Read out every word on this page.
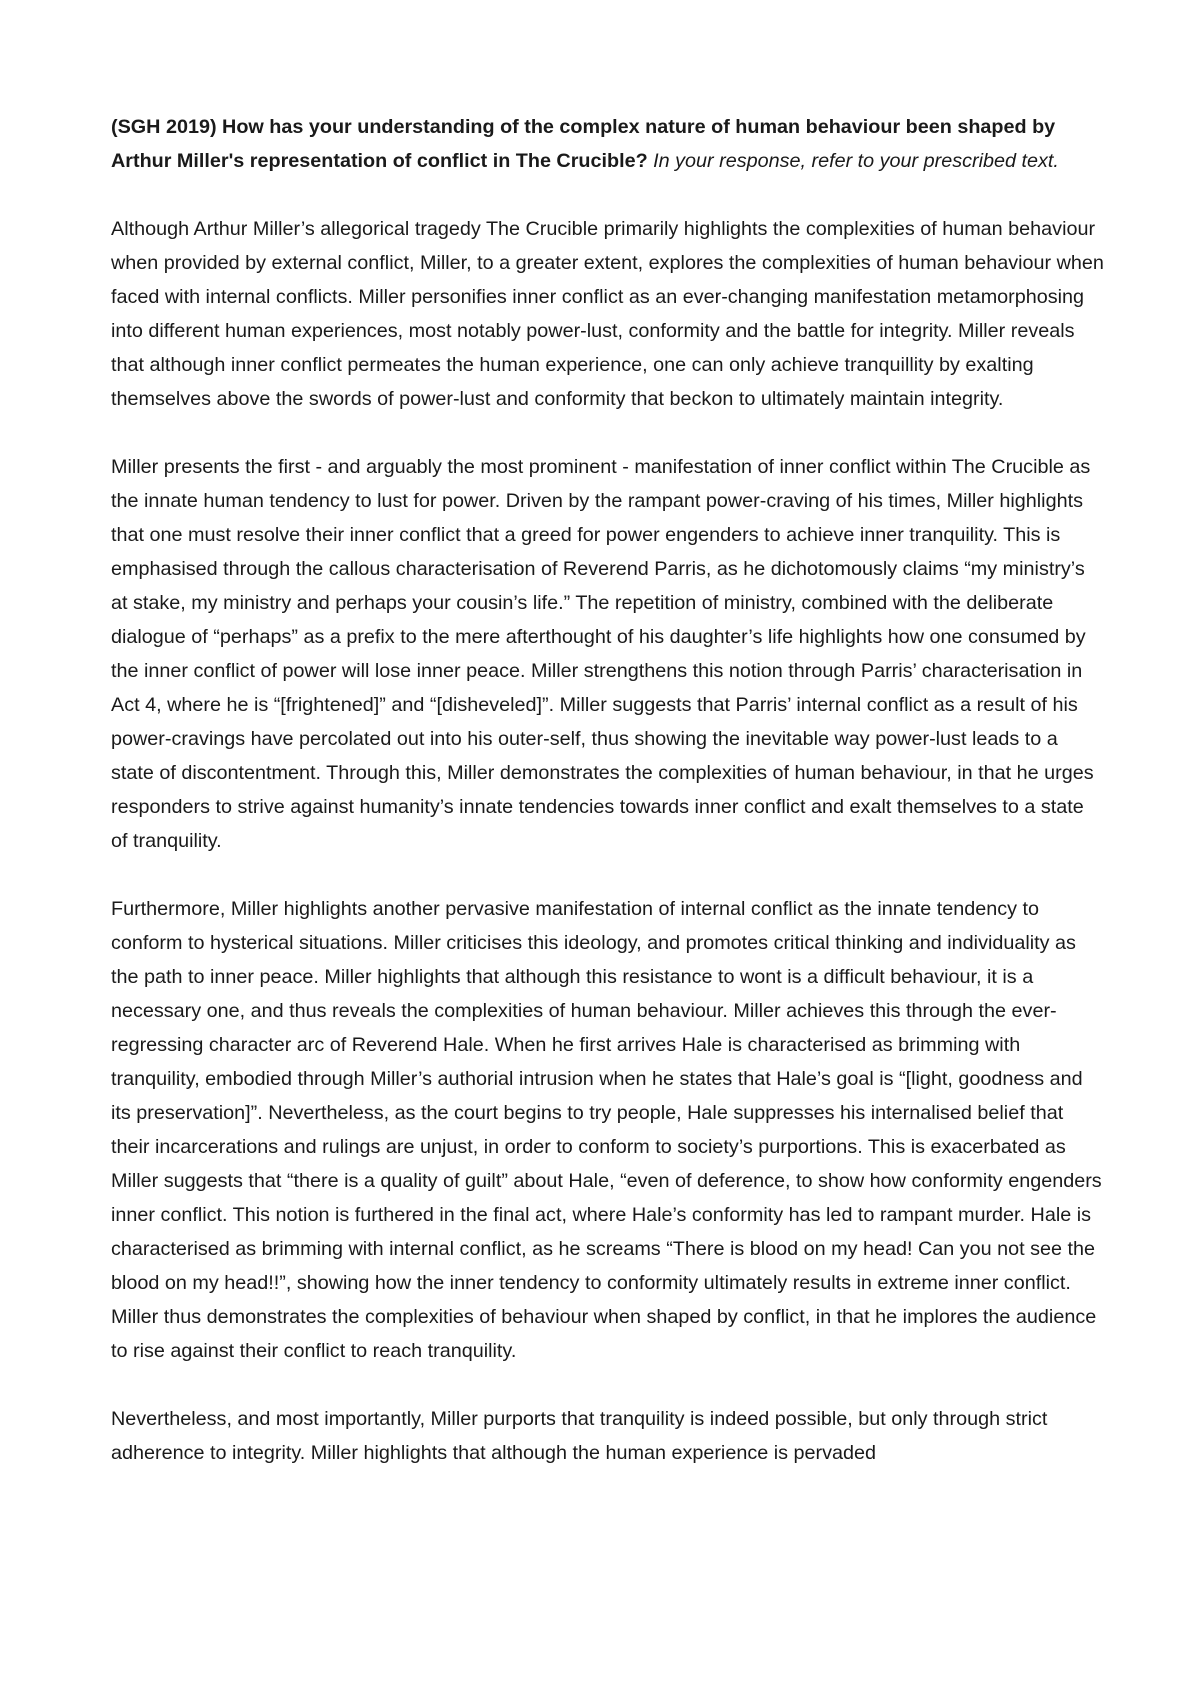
(SGH 2019) How has your understanding of the complex nature of human behaviour been shaped by Arthur Miller's representation of conflict in The Crucible? In your response, refer to your prescribed text.

Although Arthur Miller’s allegorical tragedy The Crucible primarily highlights the complexities of human behaviour when provided by external conflict, Miller, to a greater extent, explores the complexities of human behaviour when faced with internal conflicts. Miller personifies inner conflict as an ever-changing manifestation metamorphosing into different human experiences, most notably power-lust, conformity and the battle for integrity. Miller reveals that although inner conflict permeates the human experience, one can only achieve tranquillity by exalting themselves above the swords of power-lust and conformity that beckon to ultimately maintain integrity.

Miller presents the first - and arguably the most prominent - manifestation of inner conflict within The Crucible as the innate human tendency to lust for power. Driven by the rampant power-craving of his times, Miller highlights that one must resolve their inner conflict that a greed for power engenders to achieve inner tranquility. This is emphasised through the callous characterisation of Reverend Parris, as he dichotomously claims “my ministry’s at stake, my ministry and perhaps your cousin’s life.” The repetition of ministry, combined with the deliberate dialogue of “perhaps” as a prefix to the mere afterthought of his daughter’s life highlights how one consumed by the inner conflict of power will lose inner peace. Miller strengthens this notion through Parris’ characterisation in Act 4, where he is “[frightened]” and “[disheveled]”. Miller suggests that Parris’ internal conflict as a result of his power-cravings have percolated out into his outer-self, thus showing the inevitable way power-lust leads to a state of discontentment. Through this, Miller demonstrates the complexities of human behaviour, in that he urges responders to strive against humanity’s innate tendencies towards inner conflict and exalt themselves to a state of tranquility.

Furthermore, Miller highlights another pervasive manifestation of internal conflict as the innate tendency to conform to hysterical situations. Miller criticises this ideology, and promotes critical thinking and individuality as the path to inner peace. Miller highlights that although this resistance to wont is a difficult behaviour, it is a necessary one, and thus reveals the complexities of human behaviour. Miller achieves this through the ever-regressing character arc of Reverend Hale. When he first arrives Hale is characterised as brimming with tranquility, embodied through Miller’s authorial intrusion when he states that Hale’s goal is “[light, goodness and its preservation]”. Nevertheless, as the court begins to try people, Hale suppresses his internalised belief that their incarcerations and rulings are unjust, in order to conform to society’s purportions. This is exacerbated as Miller suggests that “there is a quality of guilt” about Hale, “even of deference, to show how conformity engenders inner conflict. This notion is furthered in the final act, where Hale’s conformity has led to rampant murder. Hale is characterised as brimming with internal conflict, as he screams “There is blood on my head! Can you not see the blood on my head!!”, showing how the inner tendency to conformity ultimately results in extreme inner conflict. Miller thus demonstrates the complexities of behaviour when shaped by conflict, in that he implores the audience to rise against their conflict to reach tranquility.

Nevertheless, and most importantly, Miller purports that tranquility is indeed possible, but only through strict adherence to integrity. Miller highlights that although the human experience is pervaded
